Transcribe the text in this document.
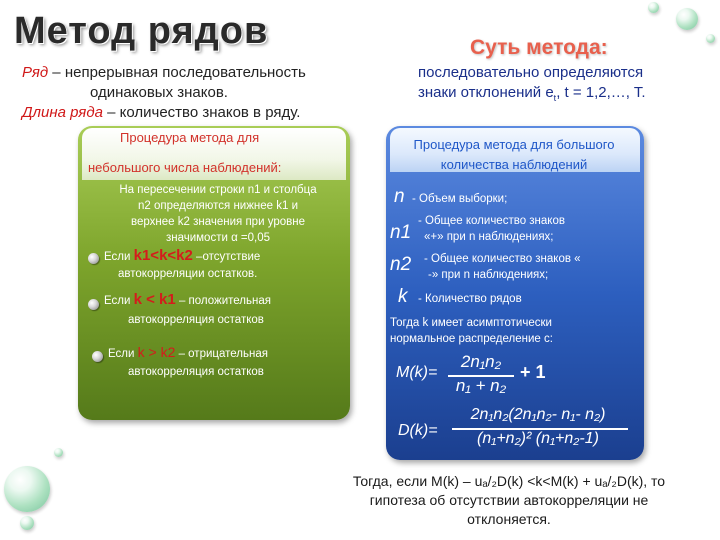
Метод рядов
Ряд – непрерывная последовательность
одинаковых знаков.
Длина ряда – количество знаков в ряду.
Суть метода:
последовательно определяются
знаки отклонений $е_t$, t = 1,2,…, T.
Процедура метода для
небольшого числа наблюдений:
На пересечении строки n1 и столбца
n2 определяются нижнее k1 и
верхнее k2 значения при уровне
значимости α =0,05
Если k1<k<k2 –отсутствие
автокорреляции остатков.
Если k < k1 – положительная
автокорреляция остатков
Если k > k2 – отрицательная
автокорреляция остатков
Процедура метода для большого
количества наблюдений
n - Объем выборки;
n1
- Общее количество знаков
«+» при n наблюдениях;
n2 - Общее количество знаков «
-» при n наблюдениях;
k - Количество рядов
Тогда k имеет асимптотически
нормальное распределение с:
M(k)=
2n₁n₂
n₁ + n₂
+ 1
D(k)=
2n₁n₂(2n₁n₂- n₁- n₂)
(n₁+n₂)² (n₁+n₂-1)
Тогда, если M(k) – uₐ/₂D(k) <k<M(k) + uₐ/₂D(k), то
гипотеза об отсутствии автокорреляции не
отклоняется.
